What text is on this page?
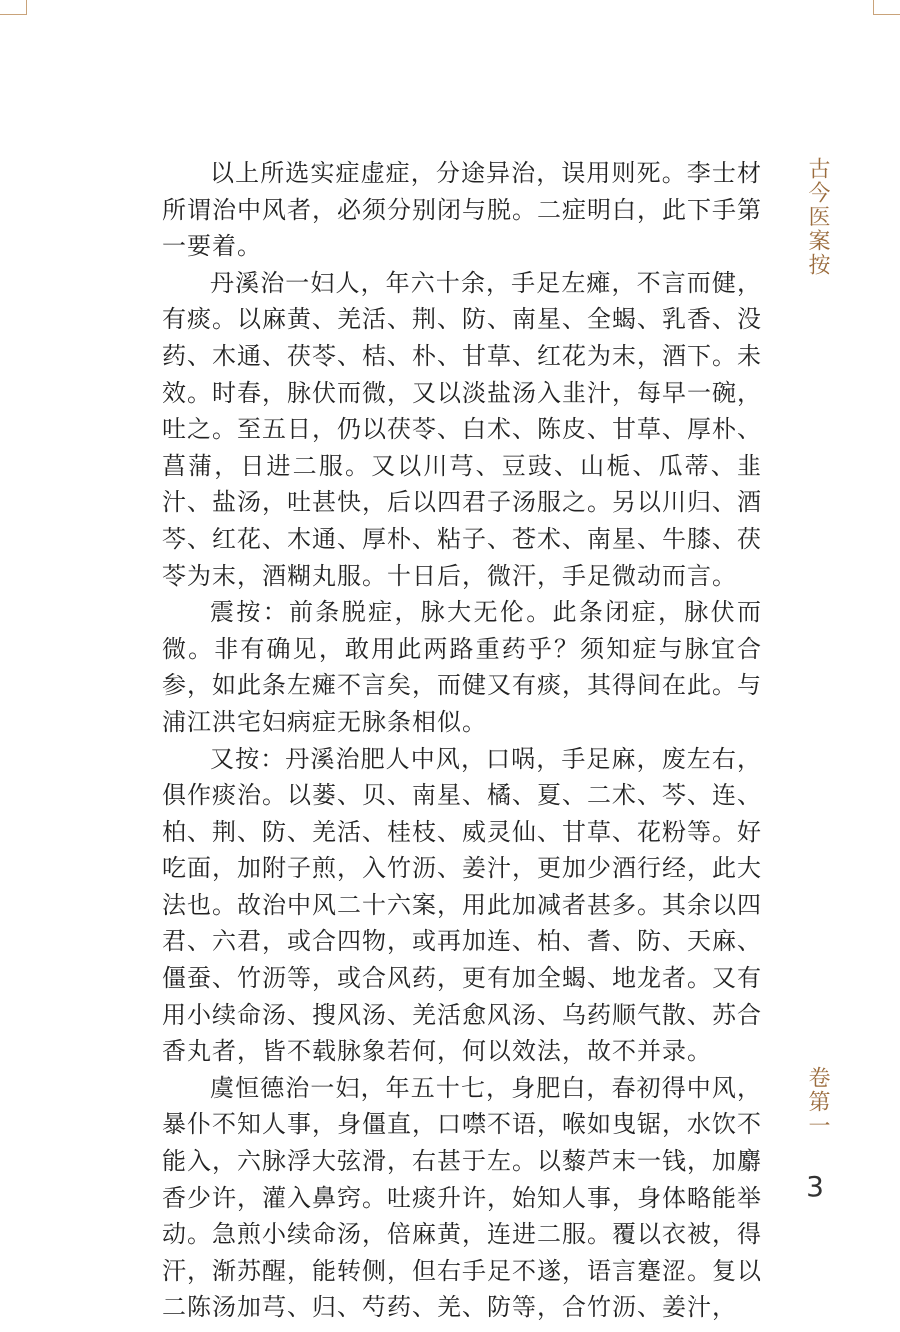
以上所选实症虚症，分途异治，误用则死。李士材所谓治中风者，必须分别闭与脱。二症明白，此下手第一要着。

丹溪治一妇人，年六十余，手足左瘫，不言而健，有痰。以麻黄、羌活、荆、防、南星、全蝎、乳香、没药、木通、茯苓、桔、朴、甘草、红花为末，酒下。未效。时春，脉伏而微，又以淡盐汤入韭汁，每早一碗，吐之。至五日，仍以茯苓、白术、陈皮、甘草、厚朴、菖蒲，日进二服。又以川芎、豆豉、山栀、瓜蒂、韭汁、盐汤，吐甚快，后以四君子汤服之。另以川归、酒芩、红花、木通、厚朴、粘子、苍术、南星、牛膝、茯苓为末，酒糊丸服。十日后，微汗，手足微动而言。

震按：前条脱症，脉大无伦。此条闭症，脉伏而微。非有确见，敢用此两路重药乎？须知症与脉宜合参，如此条左瘫不言矣，而健又有痰，其得间在此。与浦江洪宅妇病症无脉条相似。

又按：丹溪治肥人中风，口㖞，手足麻，废左右，俱作痰治。以蒌、贝、南星、橘、夏、二术、芩、连、柏、荆、防、羌活、桂枝、威灵仙、甘草、花粉等。好吃面，加附子煎，入竹沥、姜汁，更加少酒行经，此大法也。故治中风二十六案，用此加减者甚多。其余以四君、六君，或合四物，或再加连、柏、耆、防、天麻、僵蚕、竹沥等，或合风药，更有加全蝎、地龙者。又有用小续命汤、搜风汤、羌活愈风汤、乌药顺气散、苏合香丸者，皆不载脉象若何，何以效法，故不并录。

虞恒德治一妇，年五十七，身肥白，春初得中风，暴仆不知人事，身僵直，口噤不语，喉如曳锯，水饮不能入，六脉浮大弦滑，右甚于左。以藜芦末一钱，加麝香少许，灌入鼻窍。吐痰升许，始知人事，身体略能举动。急煎小续命汤，倍麻黄，连进二服。覆以衣被，得汗，渐苏醒，能转侧，但右手足不遂，语言蹇涩。复以二陈汤加芎、归、芍药、羌、防等，合竹沥、姜汁，

古今医案按
卷第一
3
